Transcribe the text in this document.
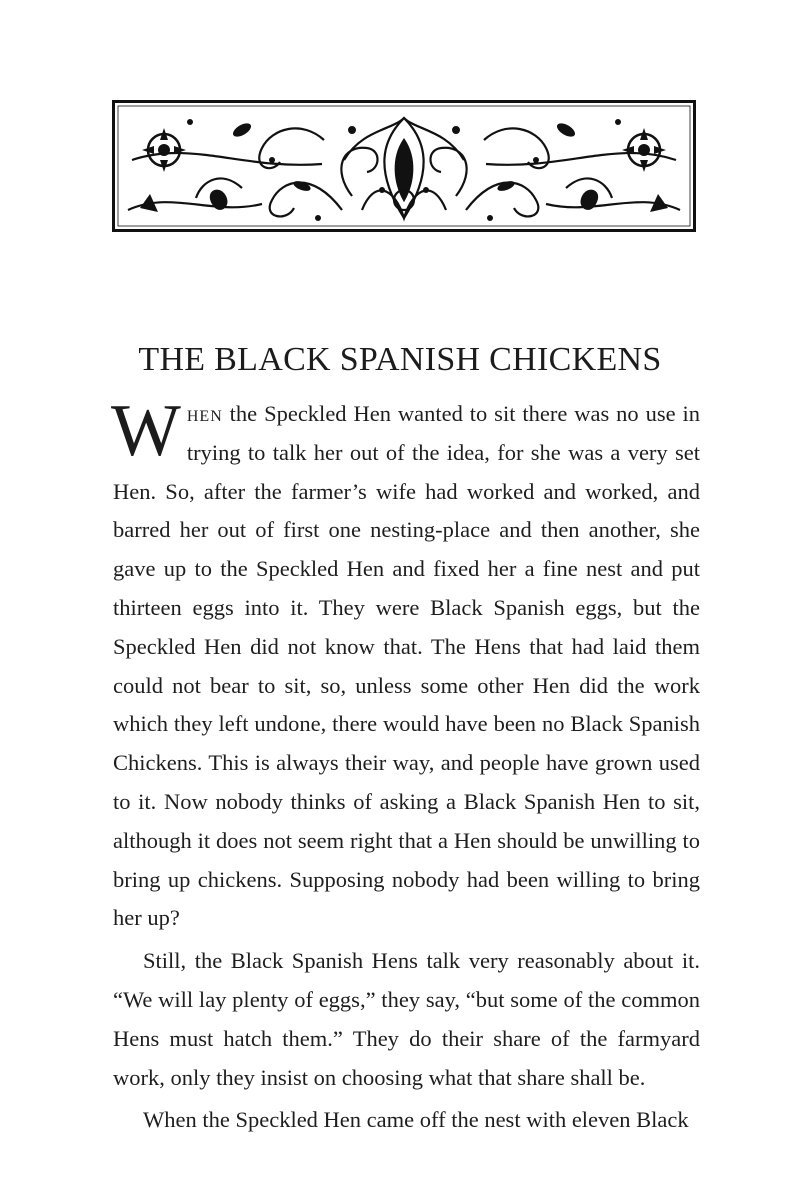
THE BLACK SPANISH CHICKENS

When the Speckled Hen wanted to sit there was no use in trying to talk her out of the idea, for she was a very set Hen. So, after the farmer’s wife had worked and worked, and barred her out of first one nesting-place and then another, she gave up to the Speckled Hen and fixed her a fine nest and put thirteen eggs into it. They were Black Spanish eggs, but the Speckled Hen did not know that. The Hens that had laid them could not bear to sit, so, unless some other Hen did the work which they left undone, there would have been no Black Spanish Chickens. This is always their way, and people have grown used to it. Now nobody thinks of asking a Black Spanish Hen to sit, although it does not seem right that a Hen should be unwilling to bring up chickens. Supposing nobody had been willing to bring her up?

Still, the Black Spanish Hens talk very reasonably about it. “We will lay plenty of eggs,” they say, “but some of the common Hens must hatch them.” They do their share of the farmyard work, only they insist on choosing what that share shall be.

When the Speckled Hen came off the nest with eleven Black
